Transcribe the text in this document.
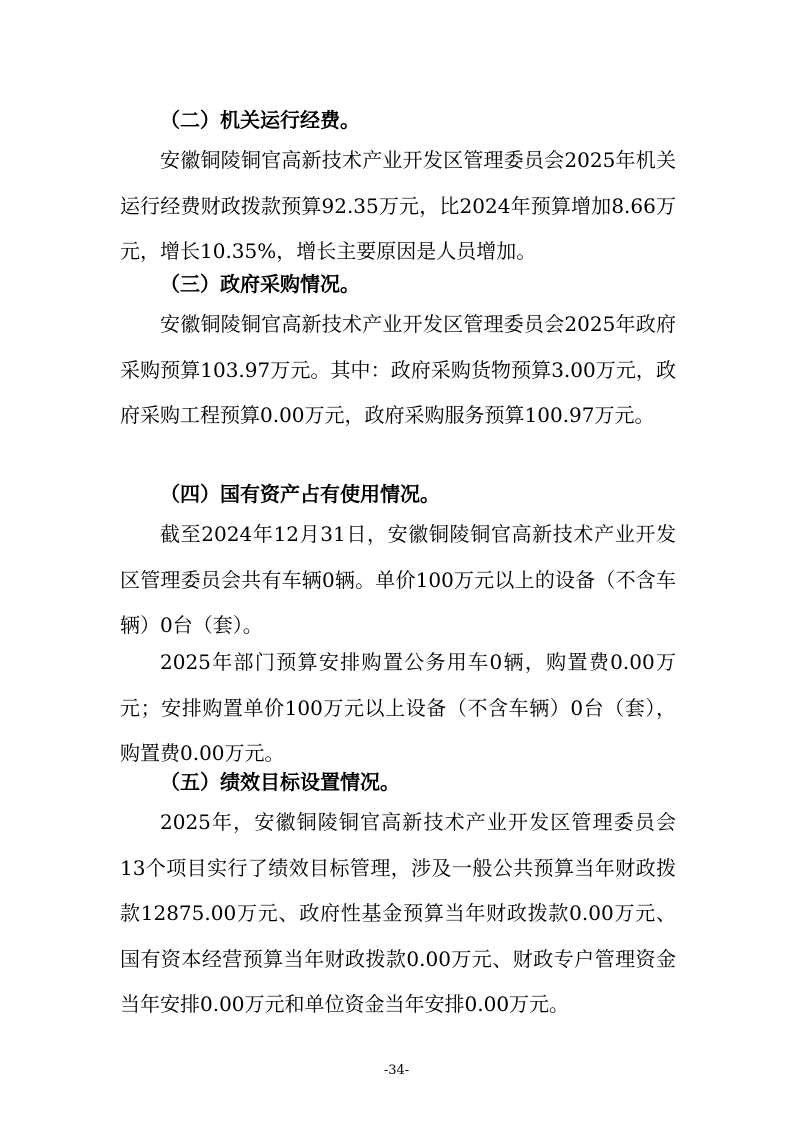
（二）机关运行经费。
安徽铜陵铜官高新技术产业开发区管理委员会2025年机关运行经费财政拨款预算92.35万元，比2024年预算增加8.66万元，增长10.35%，增长主要原因是人员增加。
（三）政府采购情况。
安徽铜陵铜官高新技术产业开发区管理委员会2025年政府采购预算103.97万元。其中：政府采购货物预算3.00万元，政府采购工程预算0.00万元，政府采购服务预算100.97万元。
（四）国有资产占有使用情况。
截至2024年12月31日，安徽铜陵铜官高新技术产业开发区管理委员会共有车辆0辆。单价100万元以上的设备（不含车辆）0台（套）。
2025年部门预算安排购置公务用车0辆，购置费0.00万元；安排购置单价100万元以上设备（不含车辆）0台（套），购置费0.00万元。
（五）绩效目标设置情况。
2025年，安徽铜陵铜官高新技术产业开发区管理委员会13个项目实行了绩效目标管理，涉及一般公共预算当年财政拨款12875.00万元、政府性基金预算当年财政拨款0.00万元、国有资本经营预算当年财政拨款0.00万元、财政专户管理资金当年安排0.00万元和单位资金当年安排0.00万元。
-34-
